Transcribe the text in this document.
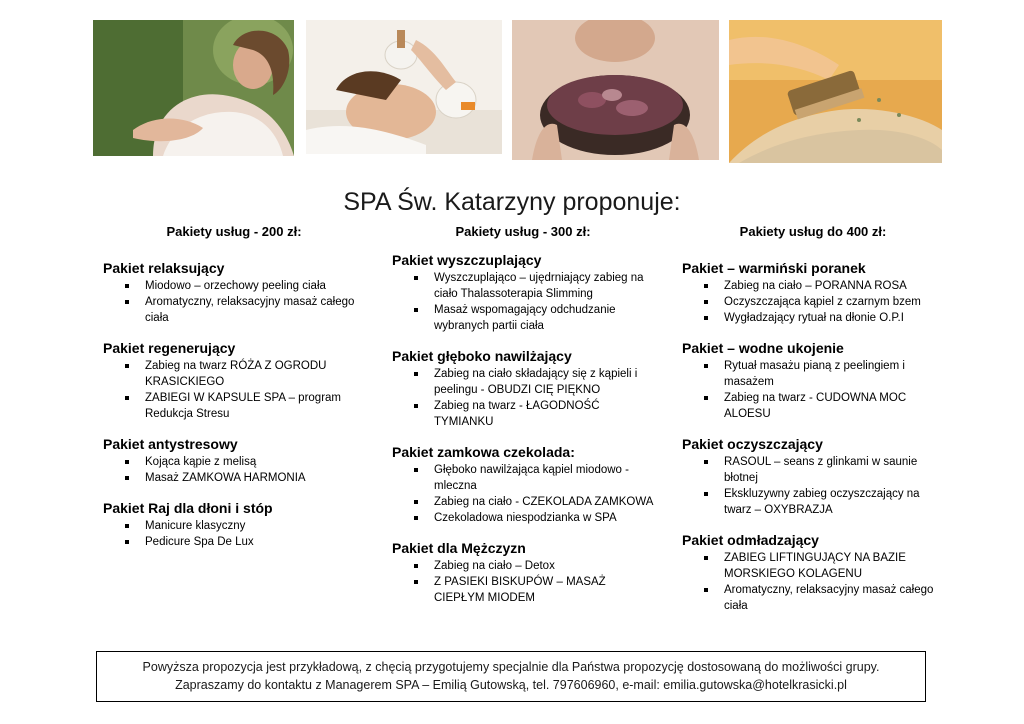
SPA Św. Katarzyny proponuje:
Pakiety usług - 200 zł:
Pakiet relaksujący
Miodowo – orzechowy peeling ciała
Aromatyczny, relaksacyjny masaż całego ciała
Pakiet regenerujący
Zabieg na twarz RÓŻA Z OGRODU KRASICKIEGO
ZABIEGI W KAPSULE SPA – program Redukcja Stresu
Pakiet antystresowy
Kojąca kąpie z melisą
Masaż ZAMKOWA HARMONIA
Pakiet Raj dla dłoni i stóp
Manicure klasyczny
Pedicure Spa De Lux
Pakiety usług - 300 zł:
Pakiet wyszczuplający
Wyszczuplająco – ujędrniający zabieg na ciało Thalassoterapia Slimming
Masaż wspomagający odchudzanie wybranych partii ciała
Pakiet głęboko nawilżający
Zabieg na ciało składający się z kąpieli i peelingu - OBUDZI CIĘ PIĘKNO
Zabieg na twarz - ŁAGODNOŚĆ TYMIANKU
Pakiet zamkowa czekolada:
Głęboko nawilżająca kąpiel miodowo - mleczna
Zabieg na ciało - CZEKOLADA ZAMKOWA
Czekoladowa niespodzianka w SPA
Pakiet dla Mężczyzn
Zabieg na ciało – Detox
Z PASIEKI BISKUPÓW – MASAŻ CIEPŁYM MIODEM
Pakiety usług do 400 zł:
Pakiet – warmiński poranek
Zabieg na ciało – PORANNA ROSA
Oczyszczająca kąpiel z czarnym bzem
Wygładzający rytuał na dłonie O.P.I
Pakiet – wodne ukojenie
Rytuał masażu pianą z peelingiem i masażem
Zabieg na twarz - CUDOWNA MOC ALOESU
Pakiet oczyszczający
RASOUL – seans z glinkami w saunie błotnej
Ekskluzywny zabieg oczyszczający na twarz – OXYBRAZJA
Pakiet odmładzający
ZABIEG LIFTINGUJĄCY NA BAZIE MORSKIEGO KOLAGENU
Aromatyczny, relaksacyjny masaż całego ciała
Powyższa propozycja jest przykładową, z chęcią przygotujemy specjalnie dla Państwa propozycję dostosowaną do możliwości grupy.
Zapraszamy do kontaktu z Managerem SPA – Emilią Gutowską, tel. 797606960, e-mail: emilia.gutowska@hotelkrasicki.pl
